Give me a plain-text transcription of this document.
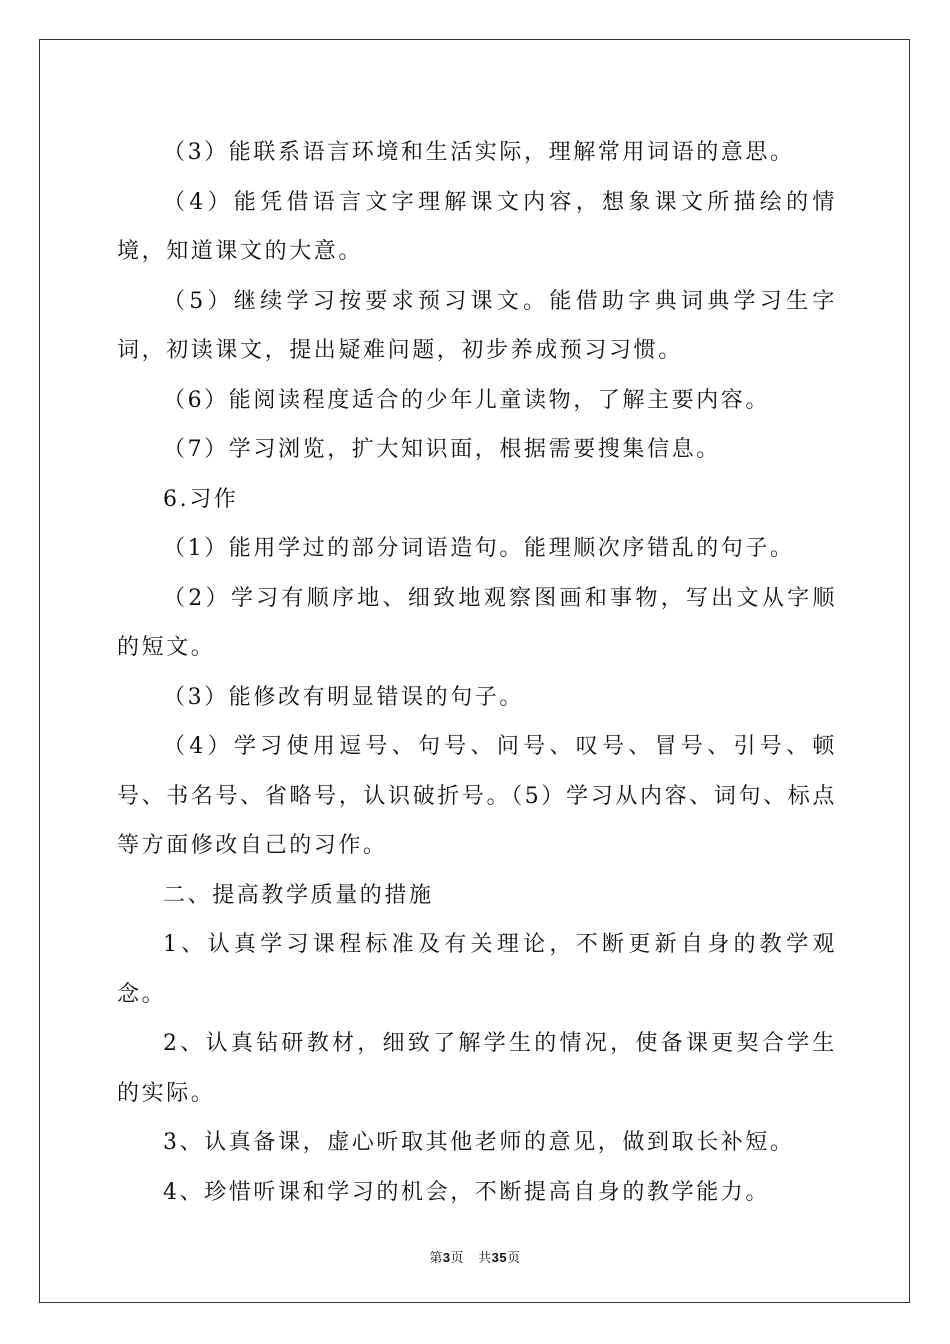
（3）能联系语言环境和生活实际，理解常用词语的意思。

（4）能凭借语言文字理解课文内容，想象课文所描绘的情境，知道课文的大意。

（5）继续学习按要求预习课文。能借助字典词典学习生字词，初读课文，提出疑难问题，初步养成预习习惯。

（6）能阅读程度适合的少年儿童读物，了解主要内容。

（7）学习浏览，扩大知识面，根据需要搜集信息。

6.习作

（1）能用学过的部分词语造句。能理顺次序错乱的句子。

（2）学习有顺序地、细致地观察图画和事物，写出文从字顺的短文。

（3）能修改有明显错误的句子。

（4）学习使用逗号、句号、问号、叹号、冒号、引号、顿号、书名号、省略号，认识破折号。（5）学习从内容、词句、标点等方面修改自己的习作。

二、提高教学质量的措施

1、认真学习课程标准及有关理论，不断更新自身的教学观念。

2、认真钻研教材，细致了解学生的情况，使备课更契合学生的实际。

3、认真备课，虚心听取其他老师的意见，做到取长补短。

4、珍惜听课和学习的机会，不断提高自身的教学能力。

第3页 共35页
